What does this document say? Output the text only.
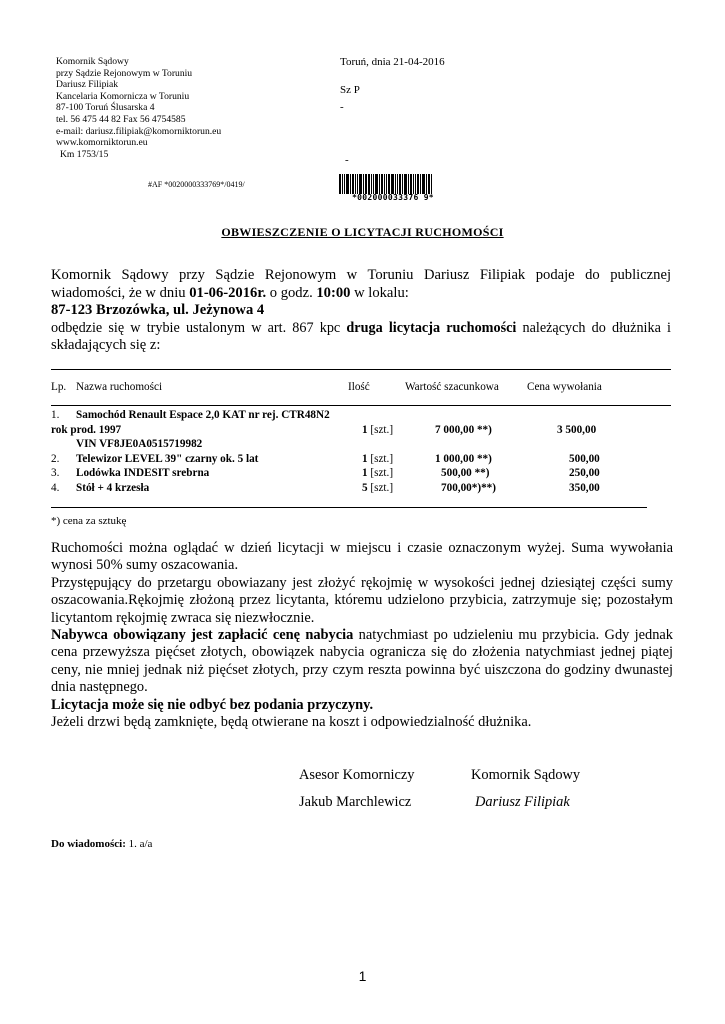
Komornik Sądowy
przy Sądzie Rejonowym w Toruniu
Dariusz Filipiak
Kancelaria Komornicza w Toruniu
87-100 Toruń Ślusarska 4
tel. 56 475 44 82 Fax 56 4754585
e-mail: dariusz.filipiak@komorniktorun.eu
www.komorniktorun.eu
Km 1753/15
Toruń, dnia 21-04-2016
Sz P
-
-
#AF *0020000333769*/0419/
*002000033376 9*
OBWIESZCZENIE O LICYTACJI RUCHOMOŚCI

Komornik Sądowy przy Sądzie Rejonowym w Toruniu Dariusz Filipiak podaje do publicznej

wiadomości, że w dniu 01-06-2016r. o godz. 10:00 w lokalu:

87-123 Brzozówka, ul. Jeżynowa 4

odbędzie się w trybie ustalonym w art. 867 kpc druga licytacja ruchomości należących do dłużnika i

składających się z:

Lp. Nazwa ruchomości	Ilość	Wartość szacunkowa	Cena wywołania
1. Samochód Renault Espace 2,0 KAT nr rej. CTR48N2
rok prod. 1997	1 [szt.]	7 000,00 **)	3 500,00
VIN VF8JE0A0515719982
2. Telewizor LEVEL 39" czarny ok. 5 lat	1 [szt.]	1 000,00 **)	500,00
3. Lodówka INDESIT srebrna	1 [szt.]	500,00 **)	250,00
4. Stół + 4 krzesła	5 [szt.]	700,00*)**)	350,00
*) cena za sztukę

Ruchomości można oglądać w dzień licytacji w miejscu i czasie oznaczonym wyżej. Suma wywołania wynosi 50% sumy oszacowania.

Przystępujący do przetargu obowiazany jest złożyć rękojmię w wysokości jednej dziesiątej części sumy oszacowania.Rękojmię złożoną przez licytanta, któremu udzielono przybicia, zatrzymuje się; pozostałym licytantom rękojmię zwraca się niezwłocznie.

Nabywca obowiązany jest zapłacić cenę nabycia natychmiast po udzieleniu mu przybicia. Gdy jednak cena przewyższa pięćset złotych, obowiązek nabycia ogranicza się do złożenia natychmiast jednej piątej ceny, nie mniej jednak niż pięćset złotych, przy czym reszta powinna być uiszczona do godziny dwunastej dnia następnego.

Licytacja może się nie odbyć bez podania przyczyny.

Jeżeli drzwi będą zamknięte, będą otwierane na koszt i odpowiedzialność dłużnika.

Asesor Komorniczy
Jakub Marchlewicz
Komornik Sądowy
Dariusz Filipiak
Do wiadomości: 1. a/a
1
